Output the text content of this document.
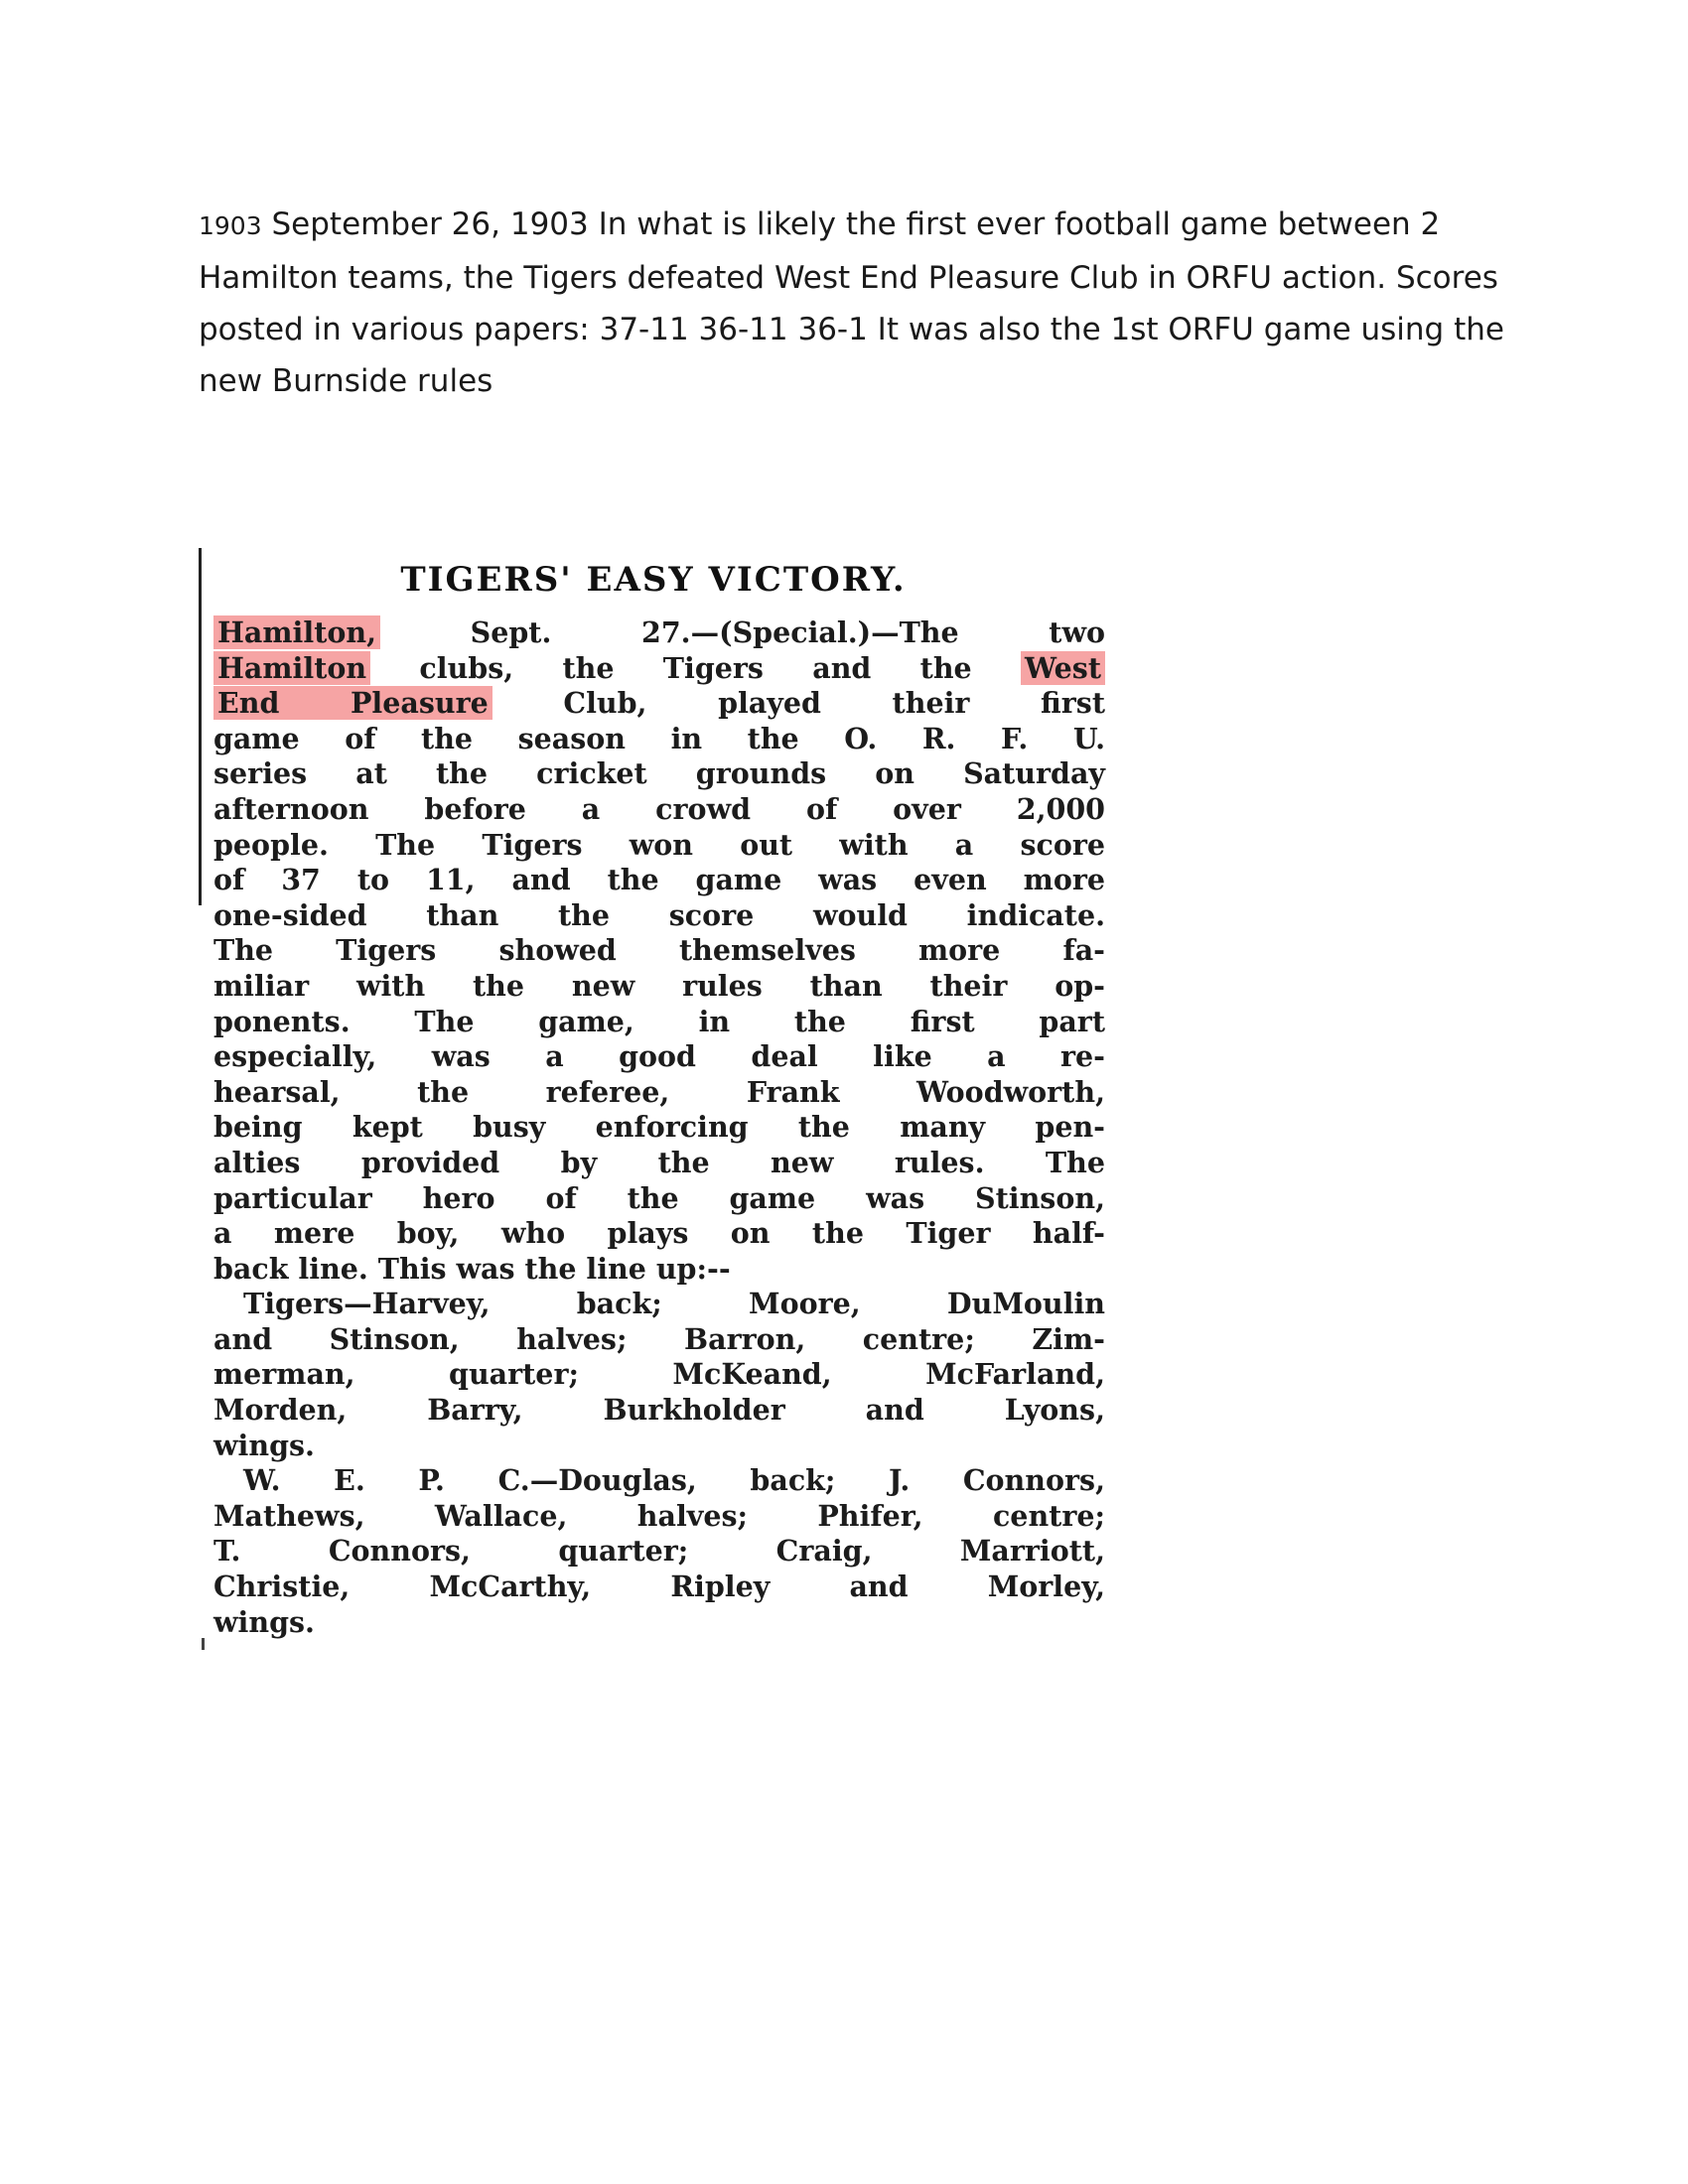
1903 September 26, 1903 In what is likely the first ever football game between 2 Hamilton teams, the Tigers defeated West End Pleasure Club in ORFU action. Scores posted in various papers: 37-11 36-11 36-1 It was also the 1st ORFU game using the new Burnside rules

TIGERS' EASY VICTORY.
Hamilton, Sept. 27.—(Special.)—The two
Hamilton clubs, the Tigers and the West
End Pleasure Club, played their first
game of the season in the O. R. F. U.
series at the cricket grounds on Saturday
afternoon before a crowd of over 2,000
people. The Tigers won out with a score
of 37 to 11, and the game was even more
one-sided than the score would indicate.
The Tigers showed themselves more fa-
miliar with the new rules than their op-
ponents. The game, in the first part
especially, was a good deal like a re-
hearsal, the referee, Frank Woodworth,
being kept busy enforcing the many pen-
alties provided by the new rules. The
particular hero of the game was Stinson,
a mere boy, who plays on the Tiger half-
back line. This was the line up:--
Tigers—Harvey, back; Moore, DuMoulin
and Stinson, halves; Barron, centre; Zim-
merman, quarter; McKeand, McFarland,
Morden, Barry, Burkholder and Lyons,
wings.
W. E. P. C.—Douglas, back; J. Connors,
Mathews, Wallace, halves; Phifer, centre;
T. Connors, quarter; Craig, Marriott,
Christie, McCarthy, Ripley and Morley,
wings.
